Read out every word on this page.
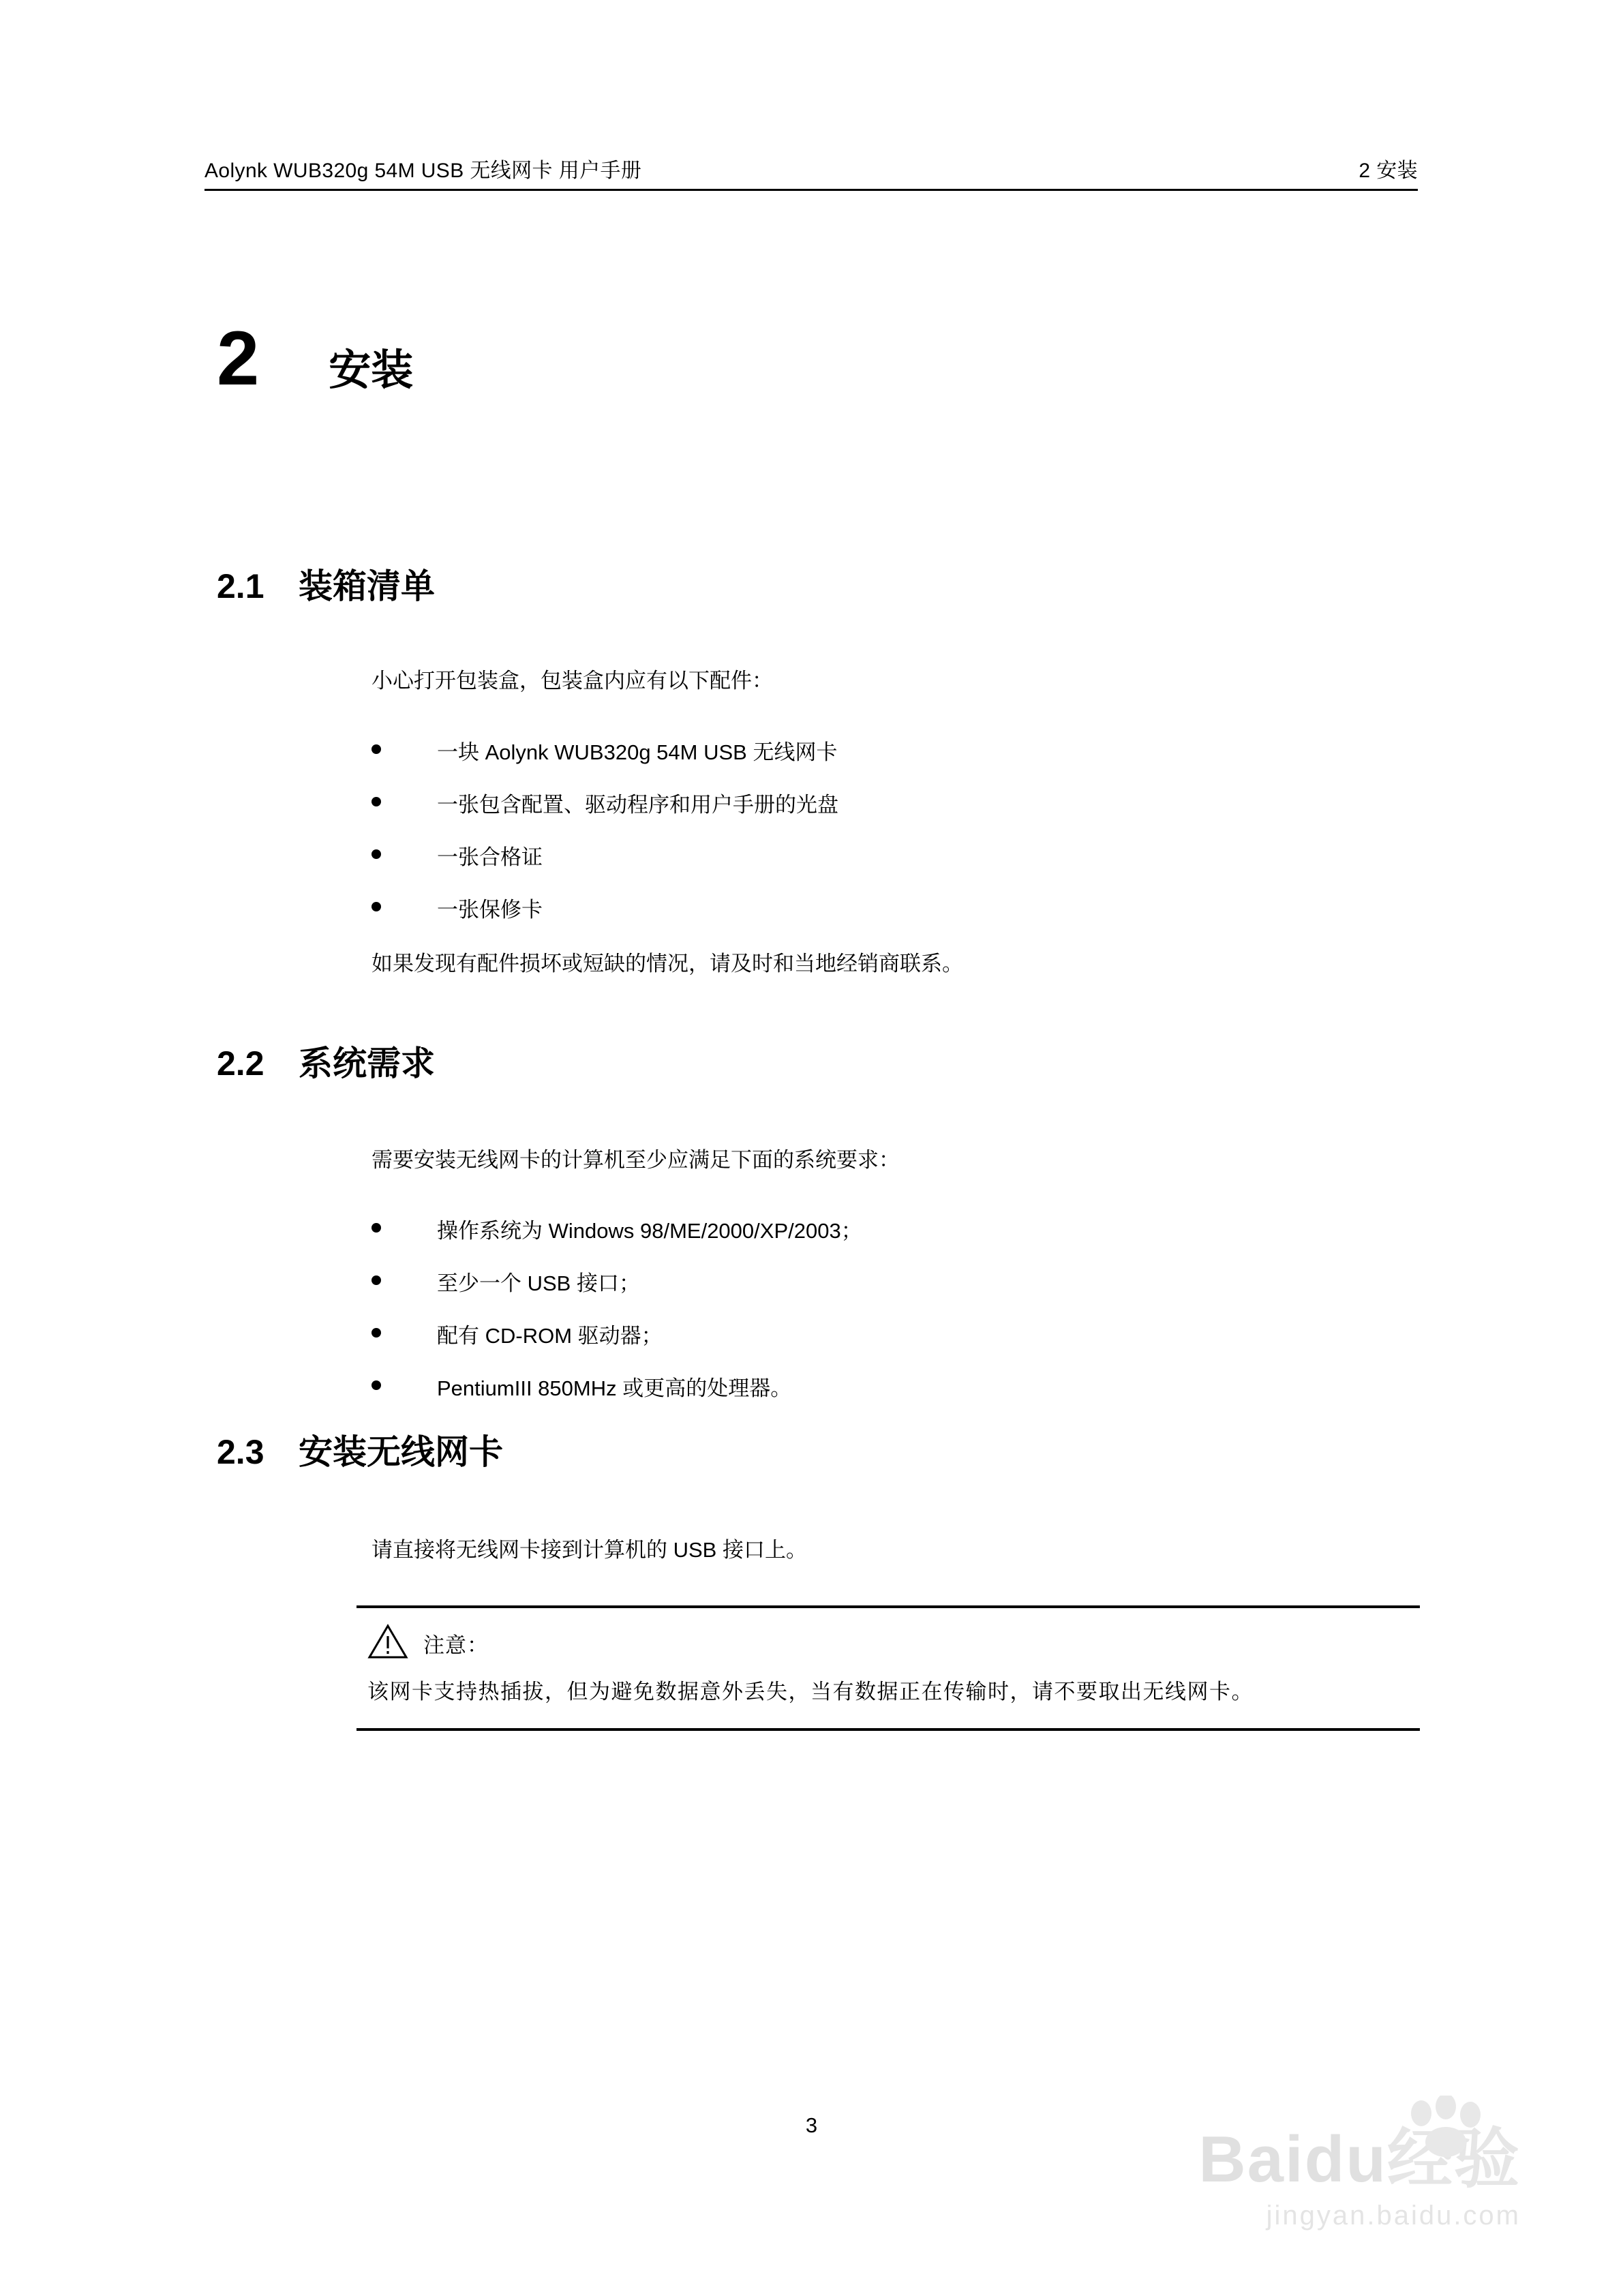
Aolynk WUB320g 54M USB 无线网卡 用户手册	2 安装
2 安装
2.1 装箱清单
小心打开包装盒，包装盒内应有以下配件：
一块 Aolynk WUB320g 54M USB 无线网卡
一张包含配置、驱动程序和用户手册的光盘
一张合格证
一张保修卡
如果发现有配件损坏或短缺的情况，请及时和当地经销商联系。
2.2 系统需求
需要安装无线网卡的计算机至少应满足下面的系统要求：
操作系统为 Windows 98/ME/2000/XP/2003；
至少一个 USB 接口；
配有 CD-ROM 驱动器；
PentiumIII 850MHz 或更高的处理器。
2.3 安装无线网卡
请直接将无线网卡接到计算机的 USB 接口上。
注意：
该网卡支持热插拔，但为避免数据意外丢失，当有数据正在传输时，请不要取出无线网卡。
3	Baidu经验
jingyan.baidu.com
